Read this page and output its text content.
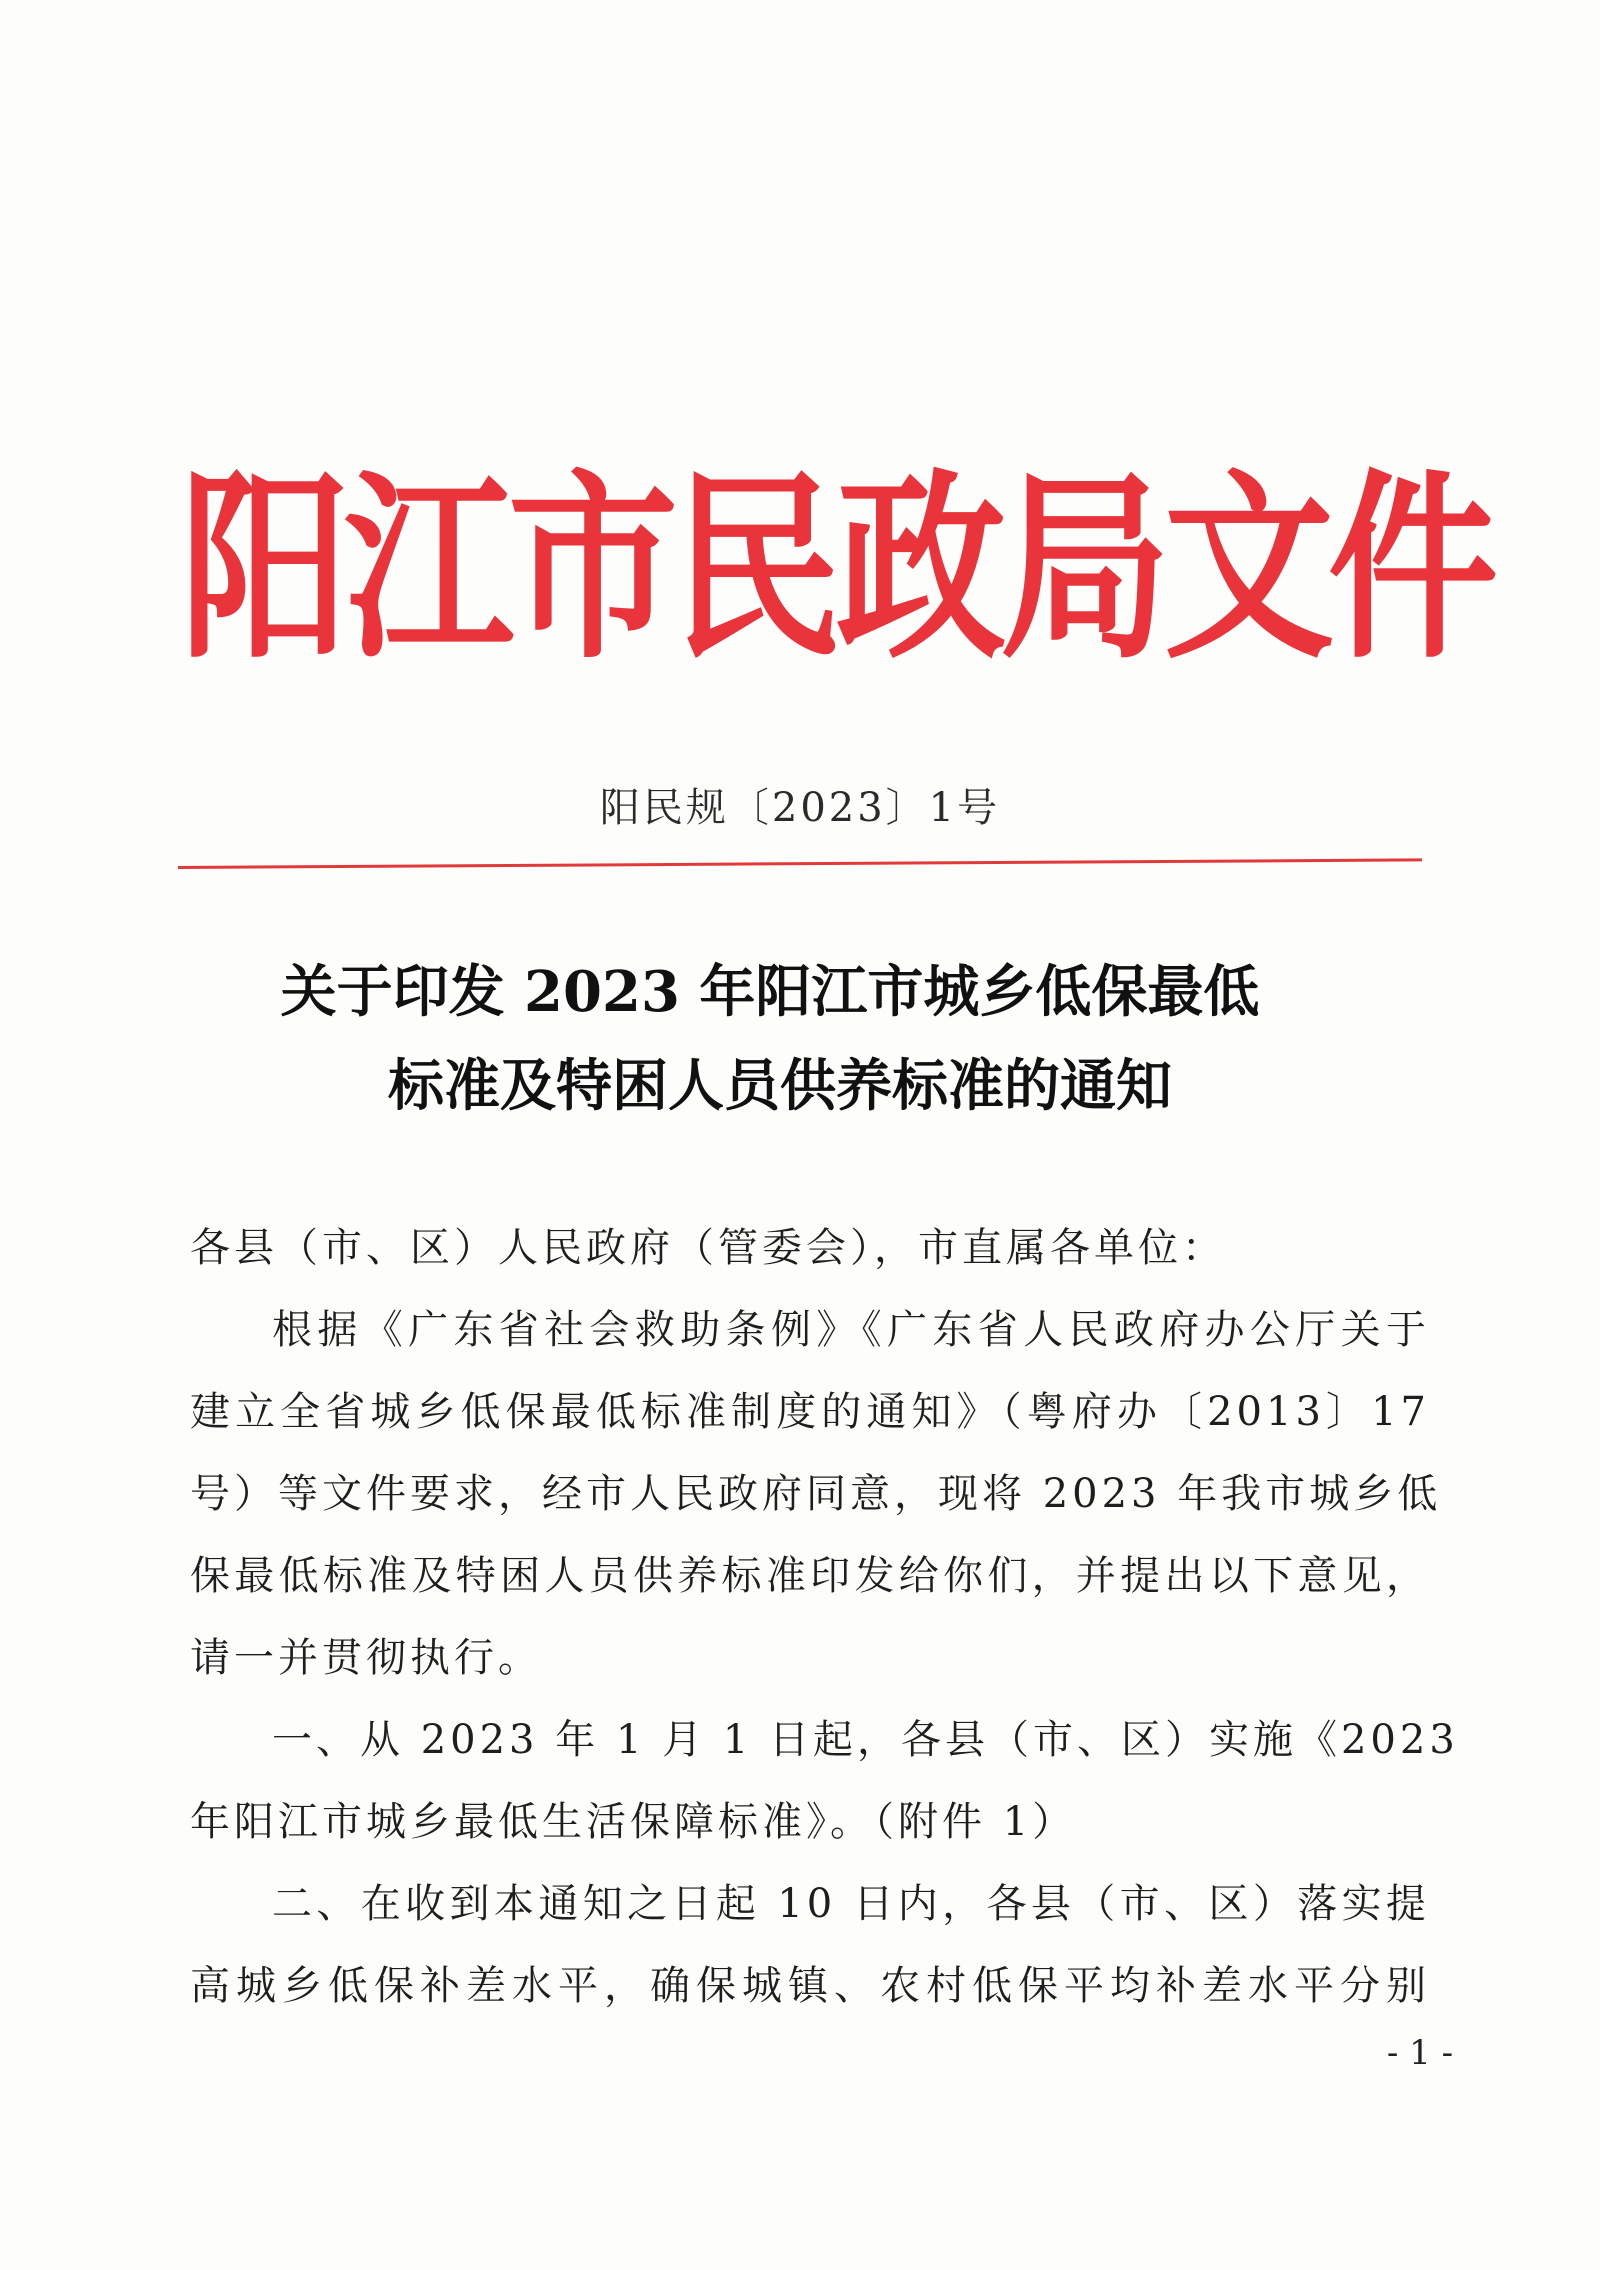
阳江市民政局文件
阳民规〔2023〕1号
关于印发 2023 年阳江市城乡低保最低
标准及特困人员供养标准的通知
各县（市、区）人民政府（管委会），市直属各单位：
根据《广东省社会救助条例》《广东省人民政府办公厅关于
建立全省城乡低保最低标准制度的通知》（粤府办〔2013〕17
号）等文件要求，经市人民政府同意，现将 2023 年我市城乡低
保最低标准及特困人员供养标准印发给你们，并提出以下意见，
请一并贯彻执行。
一、从 2023 年 1 月 1 日起，各县（市、区）实施《2023
年阳江市城乡最低生活保障标准》。（附件 1）
二、在收到本通知之日起 10 日内，各县（市、区）落实提
高城乡低保补差水平，确保城镇、农村低保平均补差水平分别
- 1 -
